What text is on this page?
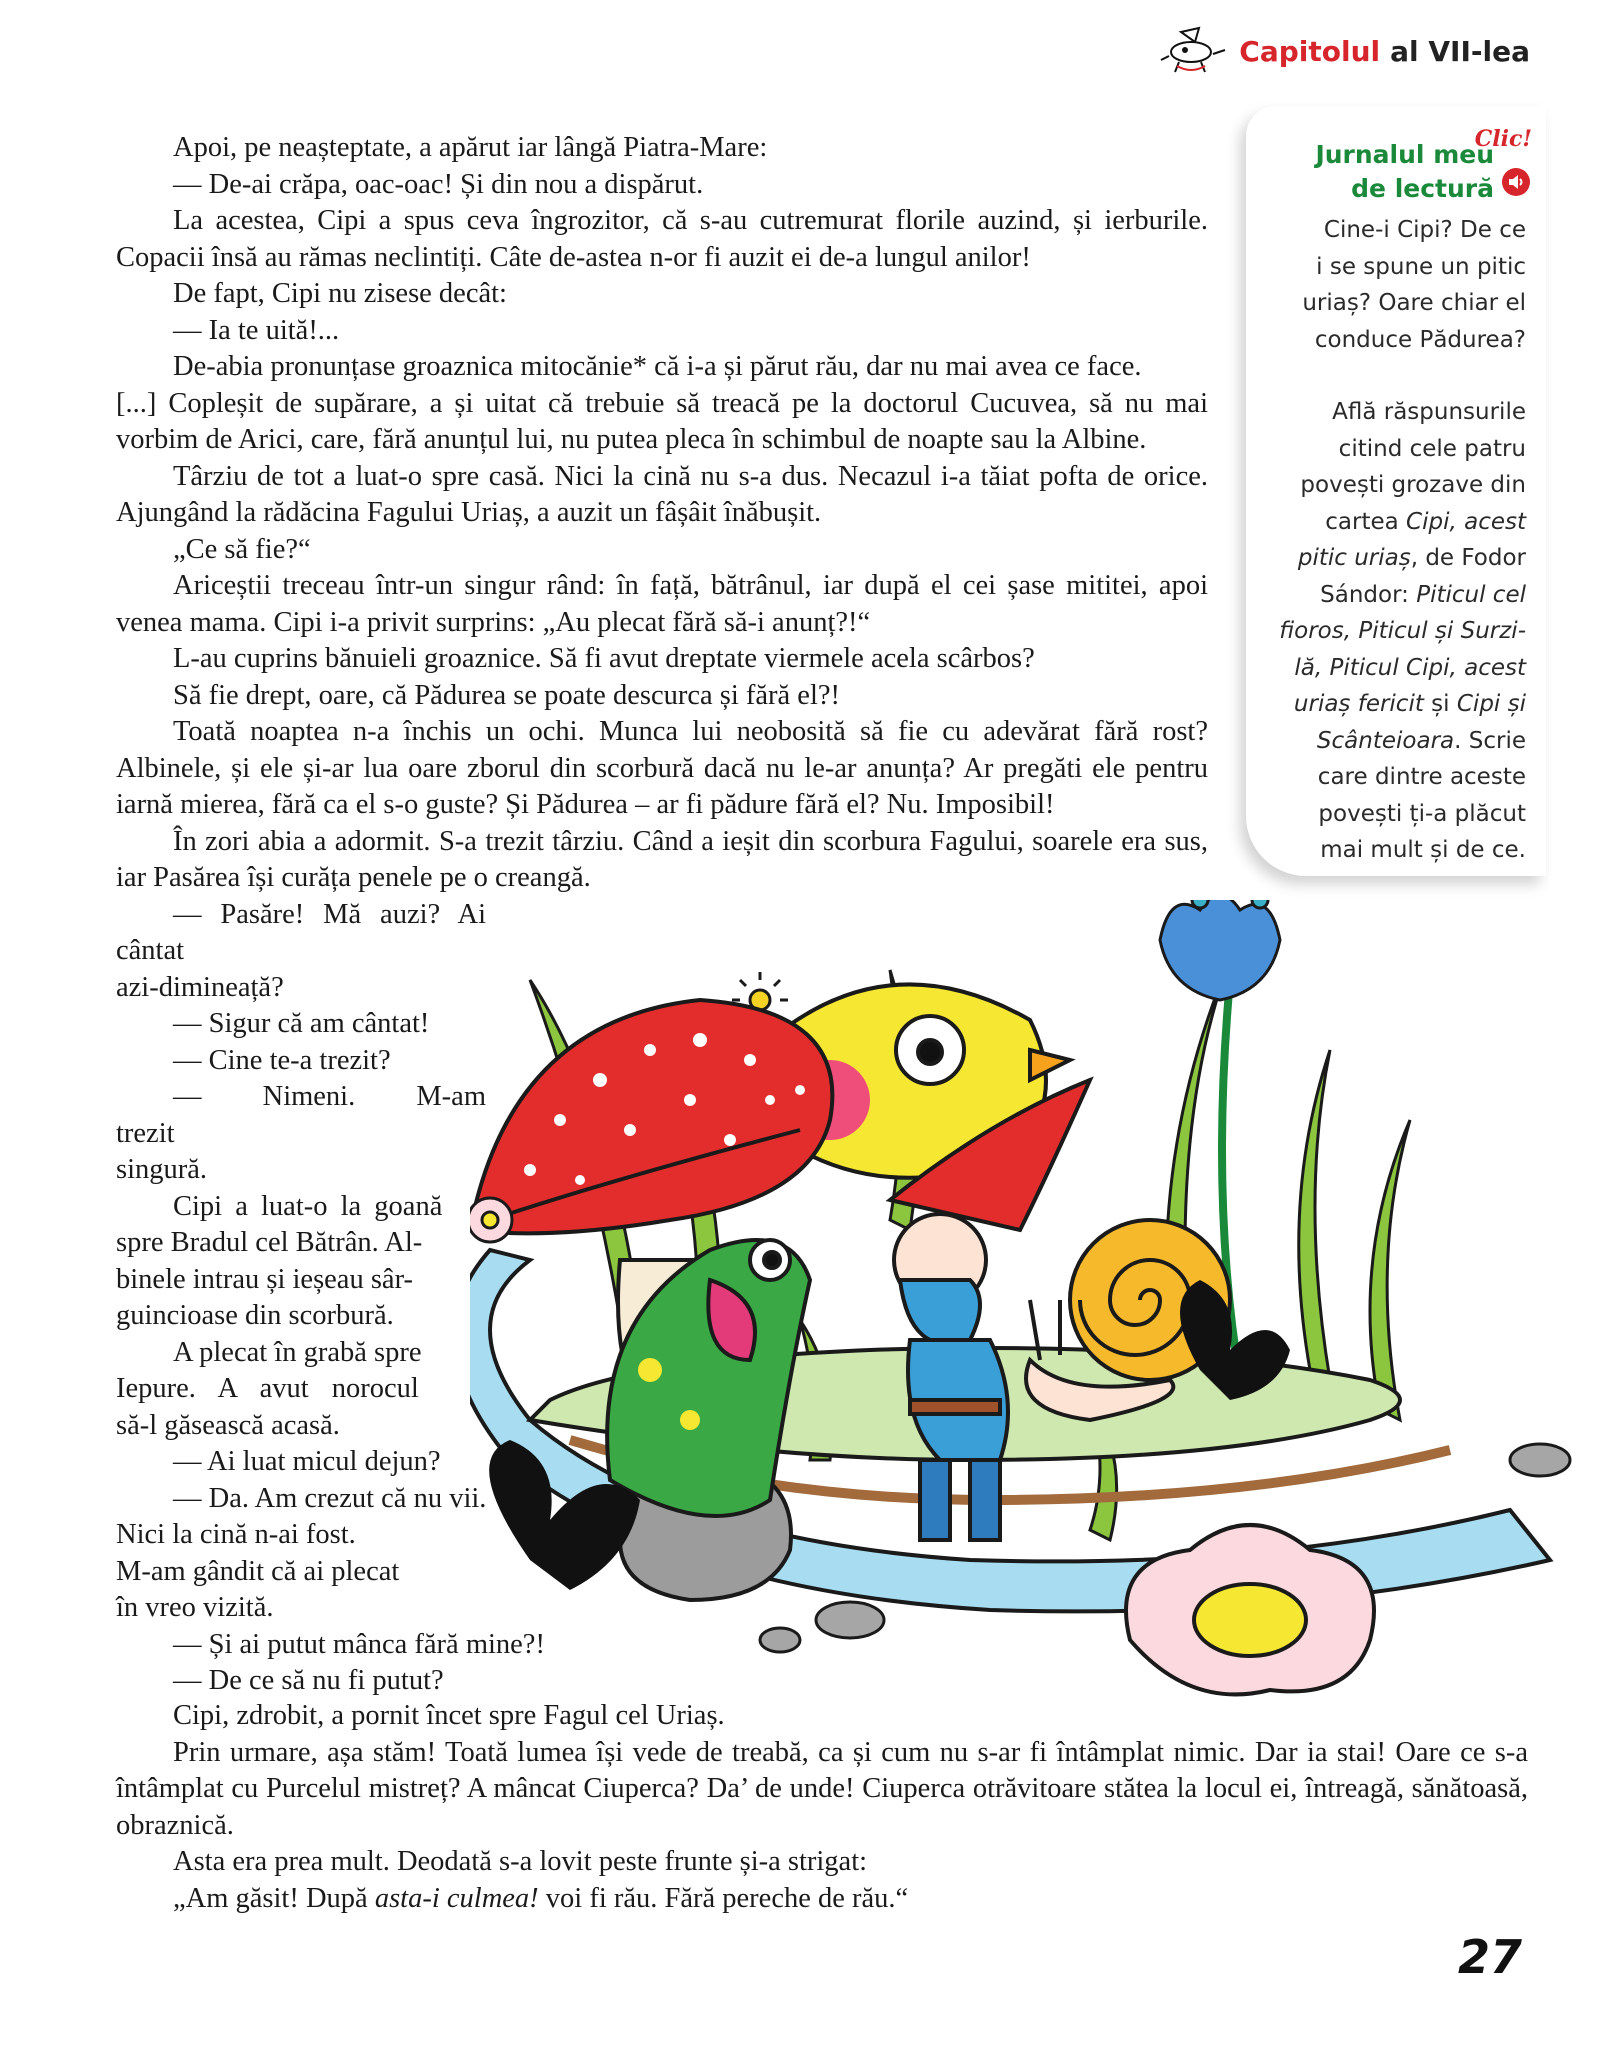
Capitolul al VII-lea
Jurnalul meu
de lectură
Clic!

Cine-i Cipi? De ce

i se spune un pitic

uriaș? Oare chiar el

conduce Pădurea?

Află răspunsurile

citind cele patru

povești grozave din

cartea Cipi, acest

pitic uriaș, de Fodor

Sándor: Piticul cel

fioros, Piticul și Surzi-

lă, Piticul Cipi, acest

uriaș fericit și Cipi și

Scânteioara. Scrie

care dintre aceste

povești ți-a plăcut

mai mult și de ce.

Apoi, pe neașteptate, a apărut iar lângă Piatra-Mare:

— De-ai crăpa, oac-oac! Și din nou a dispărut.

La acestea, Cipi a spus ceva îngrozitor, că s-au cutremurat florile auzind, și ierburile. Copacii însă au rămas neclintiți. Câte de-astea n-or fi auzit ei de-a lungul anilor!

De fapt, Cipi nu zisese decât:

— Ia te uită!...

De-abia pronunțase groaznica mitocănie* că i-a și părut rău, dar nu mai avea ce face.

[...] Copleșit de supărare, a și uitat că trebuie să treacă pe la doctorul Cucuvea, să nu mai vorbim de Arici, care, fără anunțul lui, nu putea pleca în schimbul de noapte sau la Albine.

Târziu de tot a luat-o spre casă. Nici la cină nu s-a dus. Necazul i-a tăiat pofta de orice. Ajungând la rădăcina Fagului Uriaș, a auzit un fâșâit înăbușit.

„Ce să fie?“

Ariceștii treceau într-un singur rând: în față, bătrânul, iar după el cei șase mititei, apoi venea mama. Cipi i-a privit surprins: „Au plecat fără să-i anunț?!“

L-au cuprins bănuieli groaznice. Să fi avut dreptate viermele acela scârbos?

Să fie drept, oare, că Pădurea se poate descurca și fără el?!

Toată noaptea n-a închis un ochi. Munca lui neobosită să fie cu adevărat fără rost? Albinele, și ele și-ar lua oare zborul din scorbură dacă nu le-ar anunța? Ar pregăti ele pentru iarnă mierea, fără ca el s-o guste? Și Pădurea – ar fi pădure fără el? Nu. Imposibil!

În zori abia a adormit. S-a trezit târziu. Când a ieșit din scorbura Fagului, soarele era sus, iar Pasărea își curăța penele pe o creangă.

— Pasăre! Mă auzi? Ai cântat

azi-dimineață?

— Sigur că am cântat!

— Cine te-a trezit?

— Nimeni. M-am trezit

singură.

Cipi a luat-o la goană

spre Bradul cel Bătrân. Al-

binele intrau și ieșeau sâr-

guincioase din scorbură.

A plecat în grabă spre

Iepure. A avut norocul

să-l găsească acasă.

— Ai luat micul dejun?

— Da. Am crezut că nu vii.

Nici la cină n-ai fost.

M-am gândit că ai plecat

în vreo vizită.

— Și ai putut mânca fără mine?!

— De ce să nu fi putut?

Cipi, zdrobit, a pornit încet spre Fagul cel Uriaș.

Prin urmare, așa stăm! Toată lumea își vede de treabă, ca și cum nu s-ar fi întâmplat nimic. Dar ia stai! Oare ce s-a întâmplat cu Purcelul mistreț? A mâncat Ciuperca? Da’ de unde! Ciuperca otrăvitoare stătea la locul ei, întreagă, sănătoasă, obraznică.

Asta era prea mult. Deodată s-a lovit peste frunte și-a strigat:

„Am găsit! După asta-i culmea! voi fi rău. Fără pereche de rău.“

27
